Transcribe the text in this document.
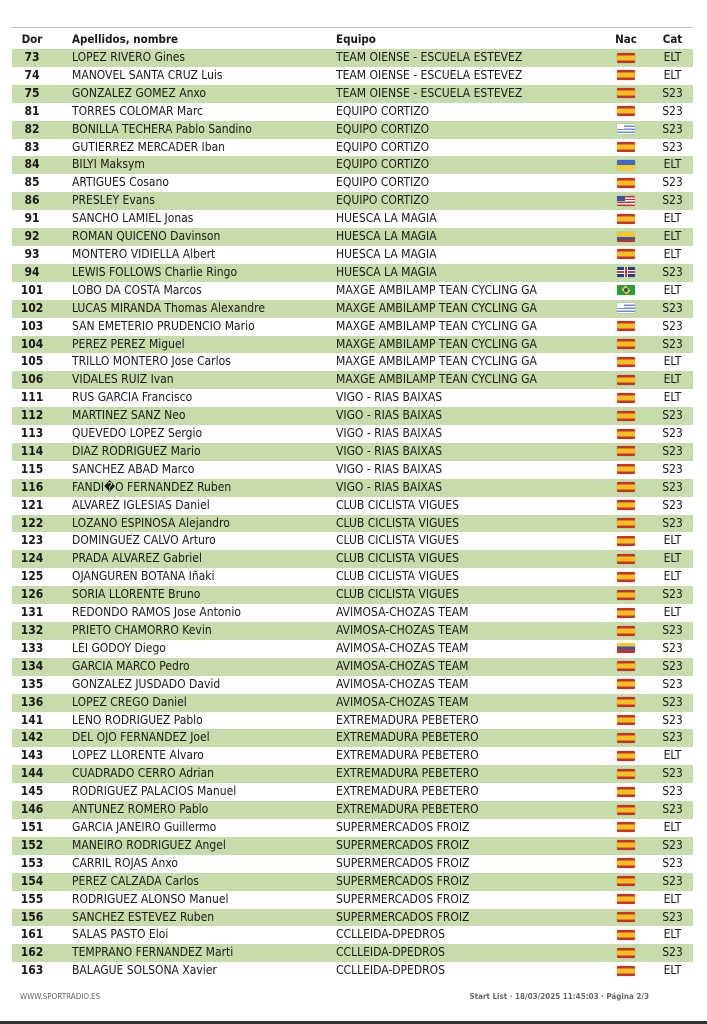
Dor	Apellidos, nombre	Equipo	Nac	Cat
73	LOPEZ RIVERO Gines	TEAM OIENSE - ESCUELA ESTEVEZ		ELT
74	MANOVEL SANTA CRUZ Luis	TEAM OIENSE - ESCUELA ESTEVEZ		ELT
75	GONZALEZ GOMEZ Anxo	TEAM OIENSE - ESCUELA ESTEVEZ		S23
81	TORRES COLOMAR Marc	EQUIPO CORTIZO		S23
82	BONILLA TECHERA Pablo Sandino	EQUIPO CORTIZO		S23
83	GUTIERREZ MERCADER Iban	EQUIPO CORTIZO		S23
84	BILYI Maksym	EQUIPO CORTIZO		ELT
85	ARTIGUES Cosano	EQUIPO CORTIZO		S23
86	PRESLEY Evans	EQUIPO CORTIZO		S23
91	SANCHO LAMIEL Jonas	HUESCA LA MAGIA		ELT
92	ROMAN QUICENO Davinson	HUESCA LA MAGIA		ELT
93	MONTERO VIDIELLA Albert	HUESCA LA MAGIA		ELT
94	LEWIS FOLLOWS Charlie Ringo	HUESCA LA MAGIA		S23
101	LOBO DA COSTA Marcos	MAXGE AMBILAMP TEAN CYCLING GA		ELT
102	LUCAS MIRANDA Thomas Alexandre	MAXGE AMBILAMP TEAN CYCLING GA		S23
103	SAN EMETERIO PRUDENCIO Mario	MAXGE AMBILAMP TEAN CYCLING GA		S23
104	PEREZ PEREZ Miguel	MAXGE AMBILAMP TEAN CYCLING GA		S23
105	TRILLO MONTERO Jose Carlos	MAXGE AMBILAMP TEAN CYCLING GA		ELT
106	VIDALES RUIZ Ivan	MAXGE AMBILAMP TEAN CYCLING GA		ELT
111	RUS GARCIA Francisco	VIGO - RIAS BAIXAS		ELT
112	MARTINEZ SANZ Neo	VIGO - RIAS BAIXAS		S23
113	QUEVEDO LOPEZ Sergio	VIGO - RIAS BAIXAS		S23
114	DIAZ RODRIGUEZ Mario	VIGO - RIAS BAIXAS		S23
115	SANCHEZ ABAD Marco	VIGO - RIAS BAIXAS		S23
116	FANDI�O FERNANDEZ Ruben	VIGO - RIAS BAIXAS		S23
121	ALVAREZ IGLESIAS Daniel	CLUB CICLISTA VIGUES		S23
122	LOZANO ESPINOSA Alejandro	CLUB CICLISTA VIGUES		S23
123	DOMINGUEZ CALVO Arturo	CLUB CICLISTA VIGUES		ELT
124	PRADA ALVAREZ Gabriel	CLUB CICLISTA VIGUES		ELT
125	OJANGUREN BOTANA Iñaki	CLUB CICLISTA VIGUES		ELT
126	SORIA LLORENTE Bruno	CLUB CICLISTA VIGUES		S23
131	REDONDO RAMOS Jose Antonio	AVIMOSA-CHOZAS TEAM		ELT
132	PRIETO CHAMORRO Kevin	AVIMOSA-CHOZAS TEAM		S23
133	LEI GODOY Diego	AVIMOSA-CHOZAS TEAM		S23
134	GARCIA MARCO Pedro	AVIMOSA-CHOZAS TEAM		S23
135	GONZALEZ JUSDADO David	AVIMOSA-CHOZAS TEAM		S23
136	LOPEZ CREGO Daniel	AVIMOSA-CHOZAS TEAM		S23
141	LENO RODRIGUEZ Pablo	EXTREMADURA PEBETERO		S23
142	DEL OJO FERNANDEZ Joel	EXTREMADURA PEBETERO		S23
143	LOPEZ LLORENTE Alvaro	EXTREMADURA PEBETERO		ELT
144	CUADRADO CERRO Adrian	EXTREMADURA PEBETERO		S23
145	RODRIGUEZ PALACIOS Manuel	EXTREMADURA PEBETERO		S23
146	ANTUNEZ ROMERO Pablo	EXTREMADURA PEBETERO		S23
151	GARCIA JANEIRO Guillermo	SUPERMERCADOS FROIZ		ELT
152	MANEIRO RODRIGUEZ Angel	SUPERMERCADOS FROIZ		S23
153	CARRIL ROJAS Anxo	SUPERMERCADOS FROIZ		S23
154	PEREZ CALZADA Carlos	SUPERMERCADOS FROIZ		S23
155	RODRIGUEZ ALONSO Manuel	SUPERMERCADOS FROIZ		ELT
156	SANCHEZ ESTEVEZ Ruben	SUPERMERCADOS FROIZ		S23
161	SALAS PASTO Eloi	CCLLEIDA-DPEDROS		ELT
162	TEMPRANO FERNANDEZ Marti	CCLLEIDA-DPEDROS		S23
163	BALAGUE SOLSONA Xavier	CCLLEIDA-DPEDROS		ELT
WWW.SPORTRADIO.ES	Start List · 18/03/2025 11:45:03 · Página 2/3
